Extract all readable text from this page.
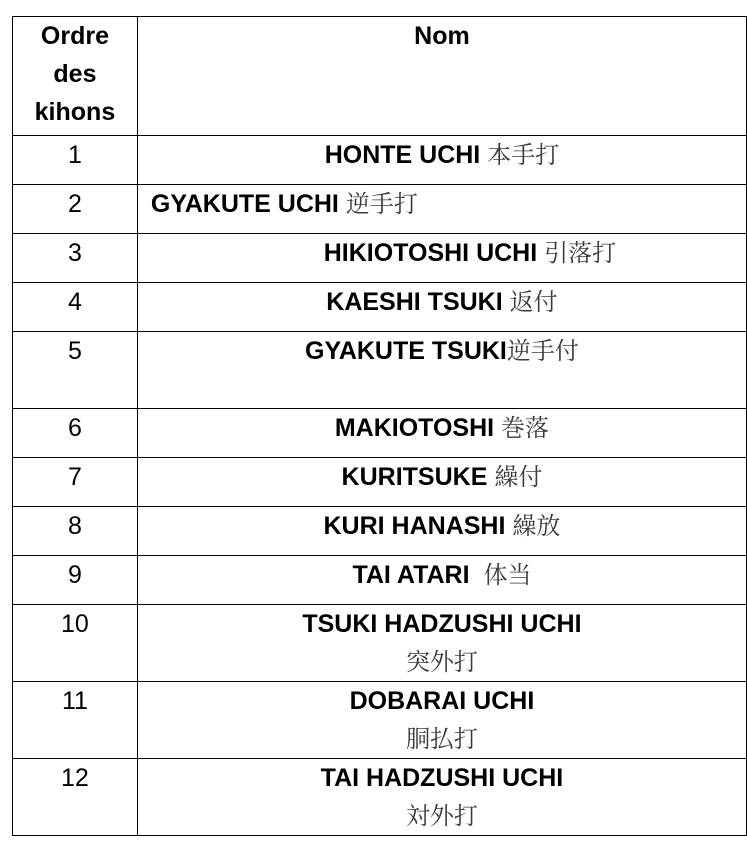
Ordre
des
kihons	Nom
1	HONTE UCHI 本手打
2	GYAKUTE UCHI 逆手打
3	HIKIOTOSHI UCHI 引落打
4	KAESHI TSUKI 返付
5	GYAKUTE TSUKI逆手付
6	MAKIOTOSHI 巻落
7	KURITSUKE 繰付
8	KURI HANASHI 繰放
9	TAI ATARI 体当
10	TSUKI HADZUSHI UCHI
突外打

11	DOBARAI UCHI
胴払打

12	TAI HADZUSHI UCHI
対外打
